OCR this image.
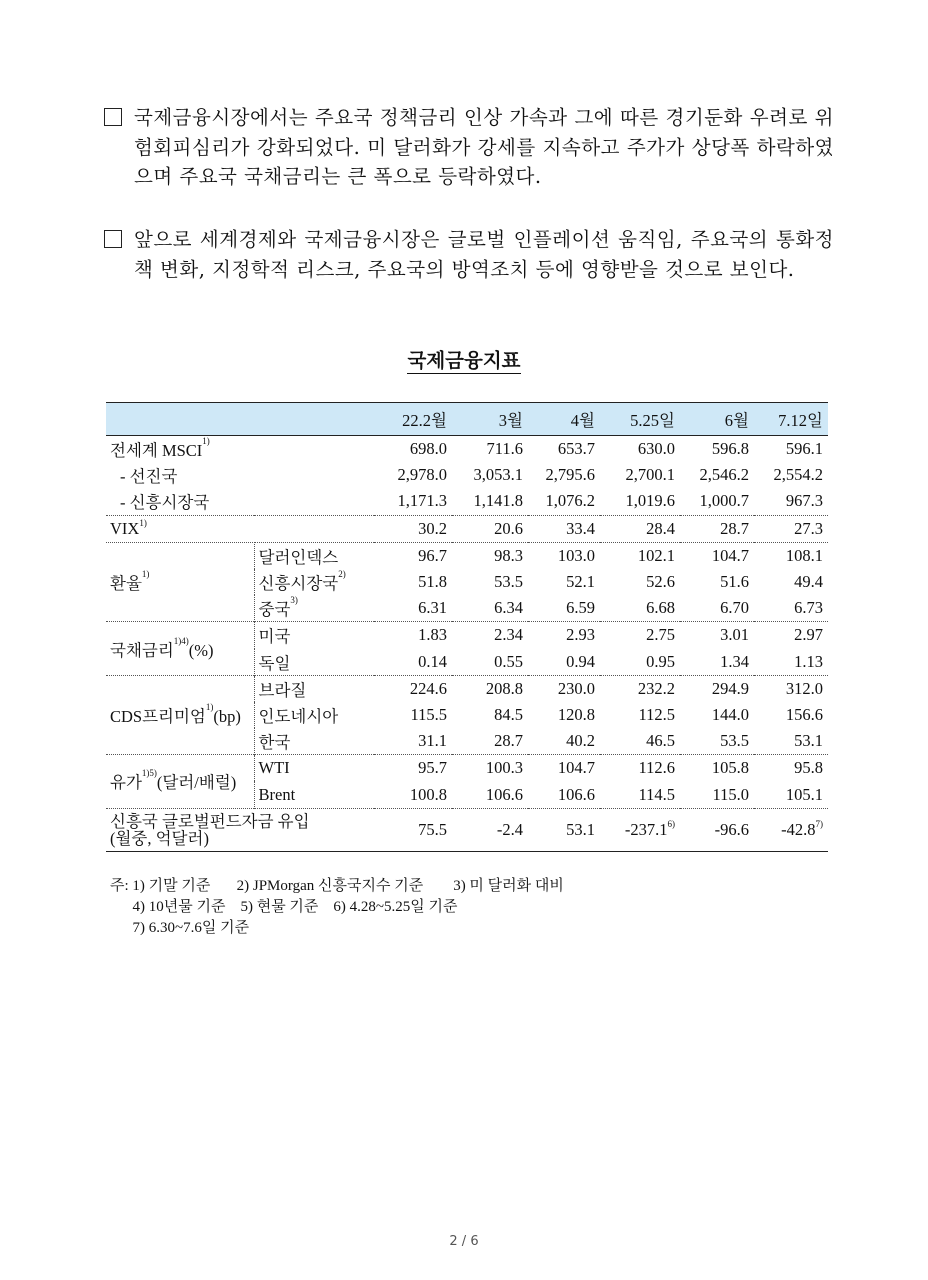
국제금융시장에서는 주요국 정책금리 인상 가속과 그에 따른 경기둔화 우려로 위험회피심리가 강화되었다. 미 달러화가 강세를 지속하고 주가가 상당폭 하락하였으며 주요국 국채금리는 큰 폭으로 등락하였다.
앞으로 세계경제와 국제금융시장은 글로벌 인플레이션 움직임, 주요국의 통화정책 변화, 지정학적 리스크, 주요국의 방역조치 등에 영향받을 것으로 보인다.
국제금융지표
		22.2월	3월	4월	5.25일	6월	7.12일
전세계 MSCI$^{1)}$		698.0	711.6	653.7	630.0	596.8	596.1
- 선진국		2,978.0	3,053.1	2,795.6	2,700.1	2,546.2	2,554.2
- 신흥시장국		1,171.3	1,141.8	1,076.2	1,019.6	1,000.7	967.3
VIX$^{1)}$		30.2	20.6	33.4	28.4	28.7	27.3
환율$^{1)}$	달러인덱스	96.7	98.3	103.0	102.1	104.7	108.1
	신흥시장국$^{2)}$	51.8	53.5	52.1	52.6	51.6	49.4
	중국$^{3)}$	6.31	6.34	6.59	6.68	6.70	6.73
국채금리$^{1)4)}$(%)	미국	1.83	2.34	2.93	2.75	3.01	2.97
	독일	0.14	0.55	0.94	0.95	1.34	1.13
CDS프리미엄$^{1)}$(bp)	브라질	224.6	208.8	230.0	232.2	294.9	312.0
	인도네시아	115.5	84.5	120.8	112.5	144.0	156.6
	한국	31.1	28.7	40.2	46.5	53.5	53.1
유가$^{1)5)}$(달러/배럴)	WTI	95.7	100.3	104.7	112.6	105.8	95.8
	Brent	100.8	106.6	106.6	114.5	115.0	105.1

신흥국 글로벌펀드자금 유입
(월중, 억달러)		75.5	-2.4	53.1	-237.1$^{6)}$	-96.6	-42.8$^{7)}$
주: 1) 기말 기준       2) JPMorgan 신흥국지수 기준        3) 미 달러화 대비
4) 10년물 기준    5) 현물 기준    6) 4.28~5.25일 기준
7) 6.30~7.6일 기준
2 / 6
